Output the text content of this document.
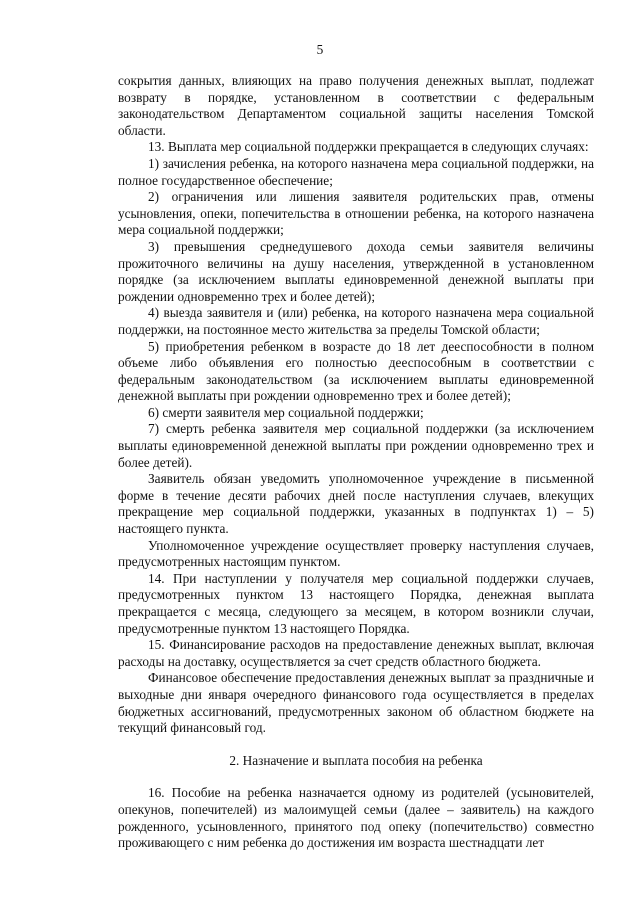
5

сокрытия данных, влияющих на право получения денежных выплат, подлежат возврату в порядке, установленном в соответствии с федеральным законодательством Департаментом социальной защиты населения Томской области.

13. Выплата мер социальной поддержки прекращается в следующих случаях:

1) зачисления ребенка, на которого назначена мера социальной поддержки, на полное государственное обеспечение;

2) ограничения или лишения заявителя родительских прав, отмены усыновления, опеки, попечительства в отношении ребенка, на которого назначена мера социальной поддержки;

3) превышения среднедушевого дохода семьи заявителя величины прожиточного величины на душу населения, утвержденной в установленном порядке (за исключением выплаты единовременной денежной выплаты при рождении одновременно трех и более детей);

4) выезда заявителя и (или) ребенка, на которого назначена мера социальной поддержки, на постоянное место жительства за пределы Томской области;

5) приобретения ребенком в возрасте до 18 лет дееспособности в полном объеме либо объявления его полностью дееспособным в соответствии с федеральным законодательством (за исключением выплаты единовременной денежной выплаты при рождении одновременно трех и более детей);

6) смерти заявителя мер социальной поддержки;

7) смерть ребенка заявителя мер социальной поддержки (за исключением выплаты единовременной денежной выплаты при рождении одновременно трех и более детей).

Заявитель обязан уведомить уполномоченное учреждение в письменной форме в течение десяти рабочих дней после наступления случаев, влекущих прекращение мер социальной поддержки, указанных в подпунктах 1) – 5) настоящего пункта.

Уполномоченное учреждение осуществляет проверку наступления случаев, предусмотренных настоящим пунктом.

14. При наступлении у получателя мер социальной поддержки случаев, предусмотренных пунктом 13 настоящего Порядка, денежная выплата прекращается с месяца, следующего за месяцем, в котором возникли случаи, предусмотренные пунктом 13 настоящего Порядка.

15. Финансирование расходов на предоставление денежных выплат, включая расходы на доставку, осуществляется за счет средств областного бюджета.

Финансовое обеспечение предоставления денежных выплат за праздничные и выходные дни января очередного финансового года осуществляется в пределах бюджетных ассигнований, предусмотренных законом об областном бюджете на текущий финансовый год.

2. Назначение и выплата пособия на ребенка

16. Пособие на ребенка назначается одному из родителей (усыновителей, опекунов, попечителей) из малоимущей семьи (далее – заявитель) на каждого рожденного, усыновленного, принятого под опеку (попечительство) совместно проживающего с ним ребенка до достижения им возраста шестнадцати лет
